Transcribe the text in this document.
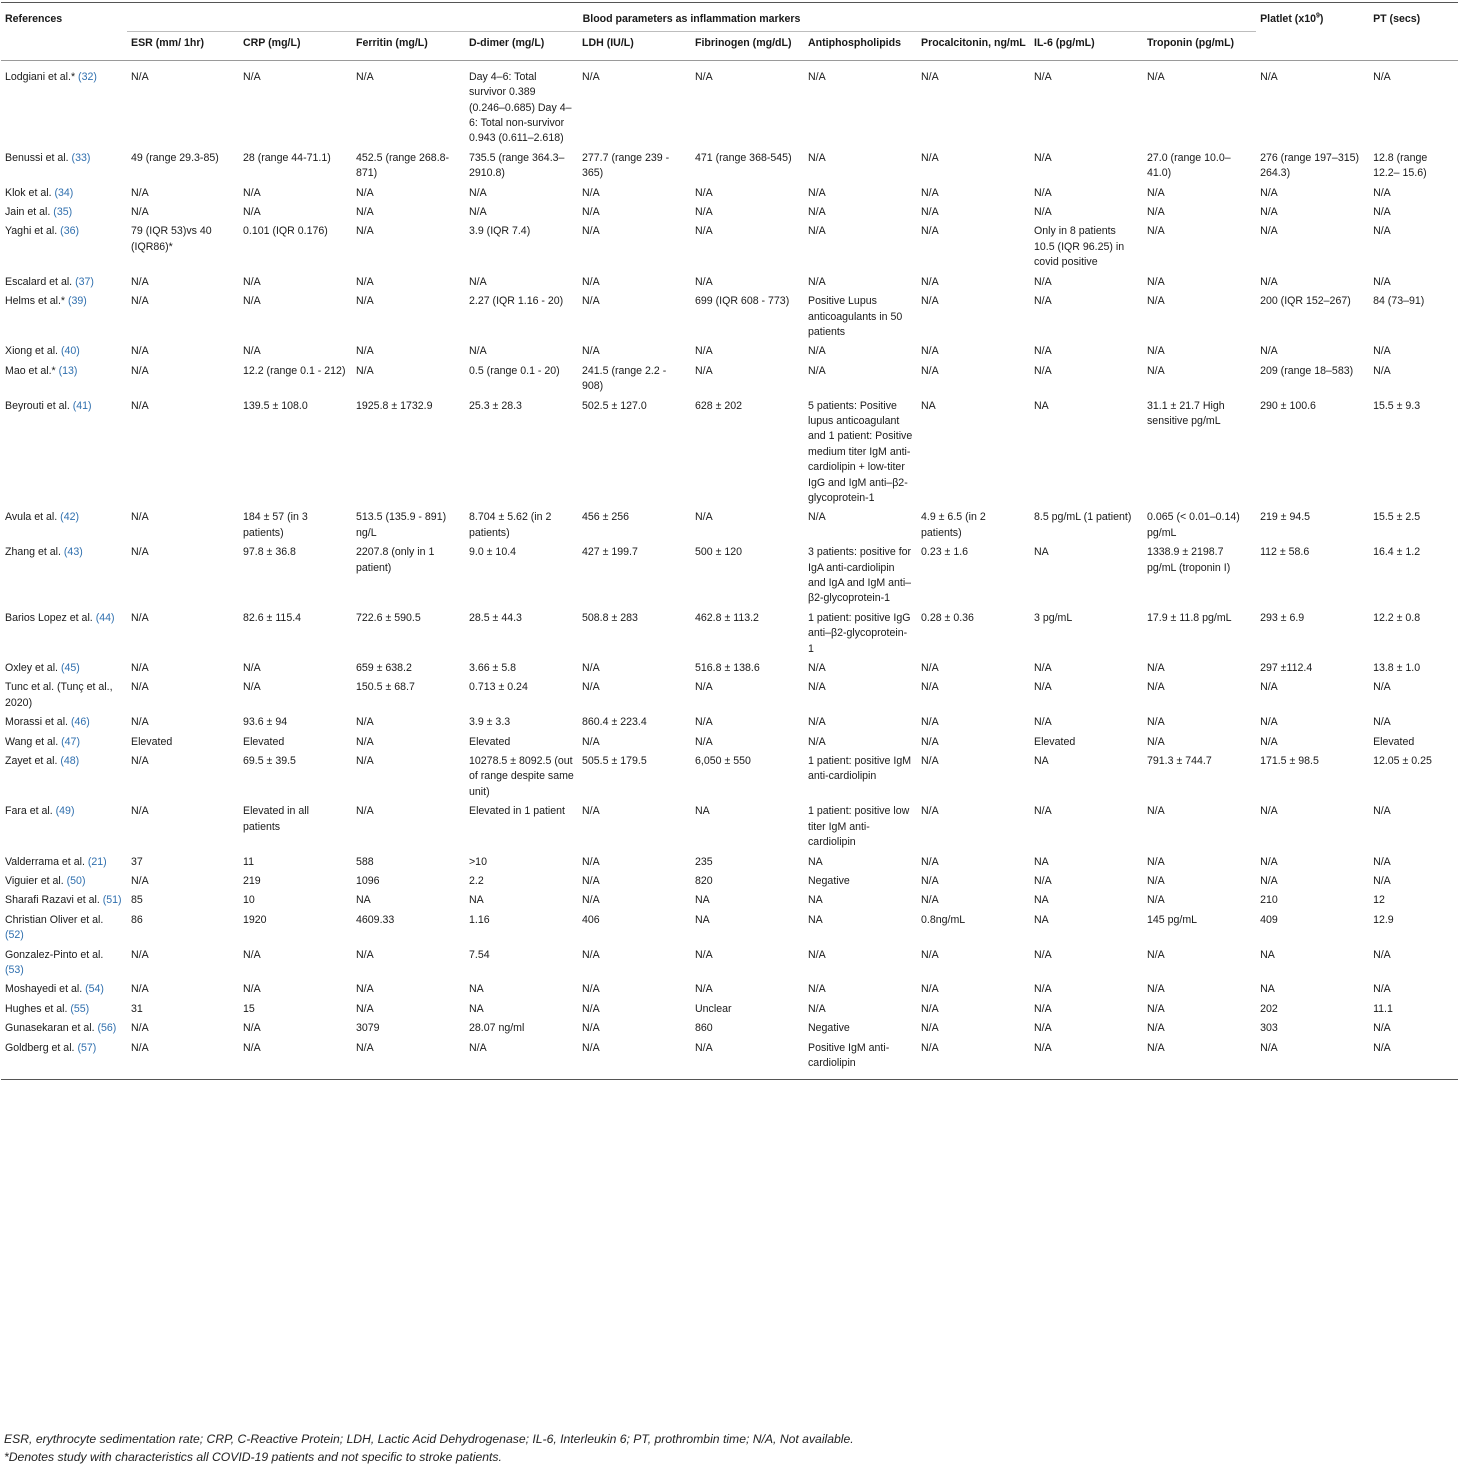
References	Blood parameters as inflammation markers										Platlet $(x10^9)$	PT (secs)
	ESR (mm/ 1hr)	CRP (mg/L)	Ferritin (mg/L)	D-dimer (mg/L)	LDH (IU/L)	Fibrinogen (mg/dL)	Antiphospholipids	Procalcitonin, ng/mL	IL-6 (pg/mL)	Troponin (pg/mL)		
Lodgiani et al.* (32)	N/A	N/A	N/A	Day 4–6: Total survivor 0.389 (0.246–0.685) Day 4–6: Total non-survivor 0.943 (0.611–2.618)	N/A	N/A	N/A	N/A	N/A	N/A	N/A	N/A
Benussi et al. (33)	49 (range 29.3-85)	28 (range 44-71.1)	452.5 (range 268.8-871)	735.5 (range 364.3–2910.8)	277.7 (range 239 - 365)	471 (range 368-545)	N/A	N/A	N/A	27.0 (range 10.0–41.0)	276 (range 197–315) 264.3)	12.8 (range 12.2– 15.6)
Klok et al. (34)	N/A	N/A	N/A	N/A	N/A	N/A	N/A	N/A	N/A	N/A	N/A	N/A
Jain et al. (35)	N/A	N/A	N/A	N/A	N/A	N/A	N/A	N/A	N/A	N/A	N/A	N/A
Yaghi et al. (36)	79 (IQR 53)vs 40 (IQR86)*	0.101 (IQR 0.176)	N/A	3.9 (IQR 7.4)	N/A	N/A	N/A	N/A	Only in 8 patients 10.5 (IQR 96.25) in covid positive	N/A	N/A	N/A
Escalard et al. (37)	N/A	N/A	N/A	N/A	N/A	N/A	N/A	N/A	N/A	N/A	N/A	N/A
Helms et al.* (39)	N/A	N/A	N/A	2.27 (IQR 1.16 - 20)	N/A	699 (IQR 608 - 773)	Positive Lupus anticoagulants in 50 patients	N/A	N/A	N/A	200 (IQR 152–267)	84 (73–91)
Xiong et al. (40)	N/A	N/A	N/A	N/A	N/A	N/A	N/A	N/A	N/A	N/A	N/A	N/A
Mao et al.* (13)	N/A	12.2 (range 0.1 - 212)	N/A	0.5 (range 0.1 - 20)	241.5 (range 2.2 - 908)	N/A	N/A	N/A	N/A	N/A	209 (range 18–583)	N/A
Beyrouti et al. (41)	N/A	139.5 ± 108.0	1925.8 ± 1732.9	25.3 ± 28.3	502.5 ± 127.0	628 ± 202	5 patients: Positive lupus anticoagulant and 1 patient: Positive medium titer IgM anti-cardiolipin + low-titer IgG and IgM anti–β2-glycoprotein-1	NA	NA	31.1 ± 21.7 High sensitive pg/mL	290 ± 100.6	15.5 ± 9.3
Avula et al. (42)	N/A	184 ± 57 (in 3 patients)	513.5 (135.9 - 891) ng/L	8.704 ± 5.62 (in 2 patients)	456 ± 256	N/A	N/A	4.9 ± 6.5 (in 2 patients)	8.5 pg/mL (1 patient)	0.065 (< 0.01–0.14) pg/mL	219 ± 94.5	15.5 ± 2.5
Zhang et al. (43)	N/A	97.8 ± 36.8	2207.8 (only in 1 patient)	9.0 ± 10.4	427 ± 199.7	500 ± 120	3 patients: positive for IgA anti-cardiolipin and IgA and IgM anti–β2-glycoprotein-1	0.23 ± 1.6	NA	1338.9 ± 2198.7 pg/mL (troponin I)	112 ± 58.6	16.4 ± 1.2
Barios Lopez et al. (44)	N/A	82.6 ± 115.4	722.6 ± 590.5	28.5 ± 44.3	508.8 ± 283	462.8 ± 113.2	1 patient: positive IgG anti–β2-glycoprotein-1	0.28 ± 0.36	3 pg/mL	17.9 ± 11.8 pg/mL	293 ± 6.9	12.2 ± 0.8
Oxley et al. (45)	N/A	N/A	659 ± 638.2	3.66 ± 5.8	N/A	516.8 ± 138.6	N/A	N/A	N/A	N/A	297 ±112.4	13.8 ± 1.0
Tunc et al. (Tunç et al., 2020)	N/A	N/A	150.5 ± 68.7	0.713 ± 0.24	N/A	N/A	N/A	N/A	N/A	N/A	N/A	N/A
Morassi et al. (46)	N/A	93.6 ± 94	N/A	3.9 ± 3.3	860.4 ± 223.4	N/A	N/A	N/A	N/A	N/A	N/A	N/A
Wang et al. (47)	Elevated	Elevated	N/A	Elevated	N/A	N/A	N/A	N/A	Elevated	N/A	N/A	Elevated
Zayet et al. (48)	N/A	69.5 ± 39.5	N/A	10278.5 ± 8092.5 (out of range despite same unit)	505.5 ± 179.5	6,050 ± 550	1 patient: positive IgM anti-cardiolipin	N/A	NA	791.3 ± 744.7	171.5 ± 98.5	12.05 ± 0.25
Fara et al. (49)	N/A	Elevated in all patients	N/A	Elevated in 1 patient	N/A	NA	1 patient: positive low titer IgM anti-cardiolipin	N/A	N/A	N/A	N/A	N/A
Valderrama et al. (21)	37	11	588	>10	N/A	235	NA	N/A	NA	N/A	N/A	N/A
Viguier et al. (50)	N/A	219	1096	2.2	N/A	820	Negative	N/A	N/A	N/A	N/A	N/A
Sharafi Razavi et al. (51)	85	10	NA	NA	N/A	NA	NA	N/A	NA	N/A	210	12
Christian Oliver et al. (52)	86	1920	4609.33	1.16	406	NA	NA	0.8ng/mL	NA	145 pg/mL	409	12.9
Gonzalez-Pinto et al. (53)	N/A	N/A	N/A	7.54	N/A	N/A	N/A	N/A	N/A	N/A	NA	N/A
Moshayedi et al. (54)	N/A	N/A	N/A	NA	N/A	N/A	N/A	N/A	N/A	N/A	NA	N/A
Hughes et al. (55)	31	15	N/A	NA	N/A	Unclear	N/A	N/A	N/A	N/A	202	11.1
Gunasekaran et al. (56)	N/A	N/A	3079	28.07 ng/ml	N/A	860	Negative	N/A	N/A	N/A	303	N/A
Goldberg et al. (57)	N/A	N/A	N/A	N/A	N/A	N/A	Positive IgM anti-cardiolipin	N/A	N/A	N/A	N/A	N/A
ESR, erythrocyte sedimentation rate; CRP, C-Reactive Protein; LDH, Lactic Acid Dehydrogenase; IL-6, Interleukin 6; PT, prothrombin time; N/A, Not available.
*Denotes study with characteristics all COVID-19 patients and not specific to stroke patients.
